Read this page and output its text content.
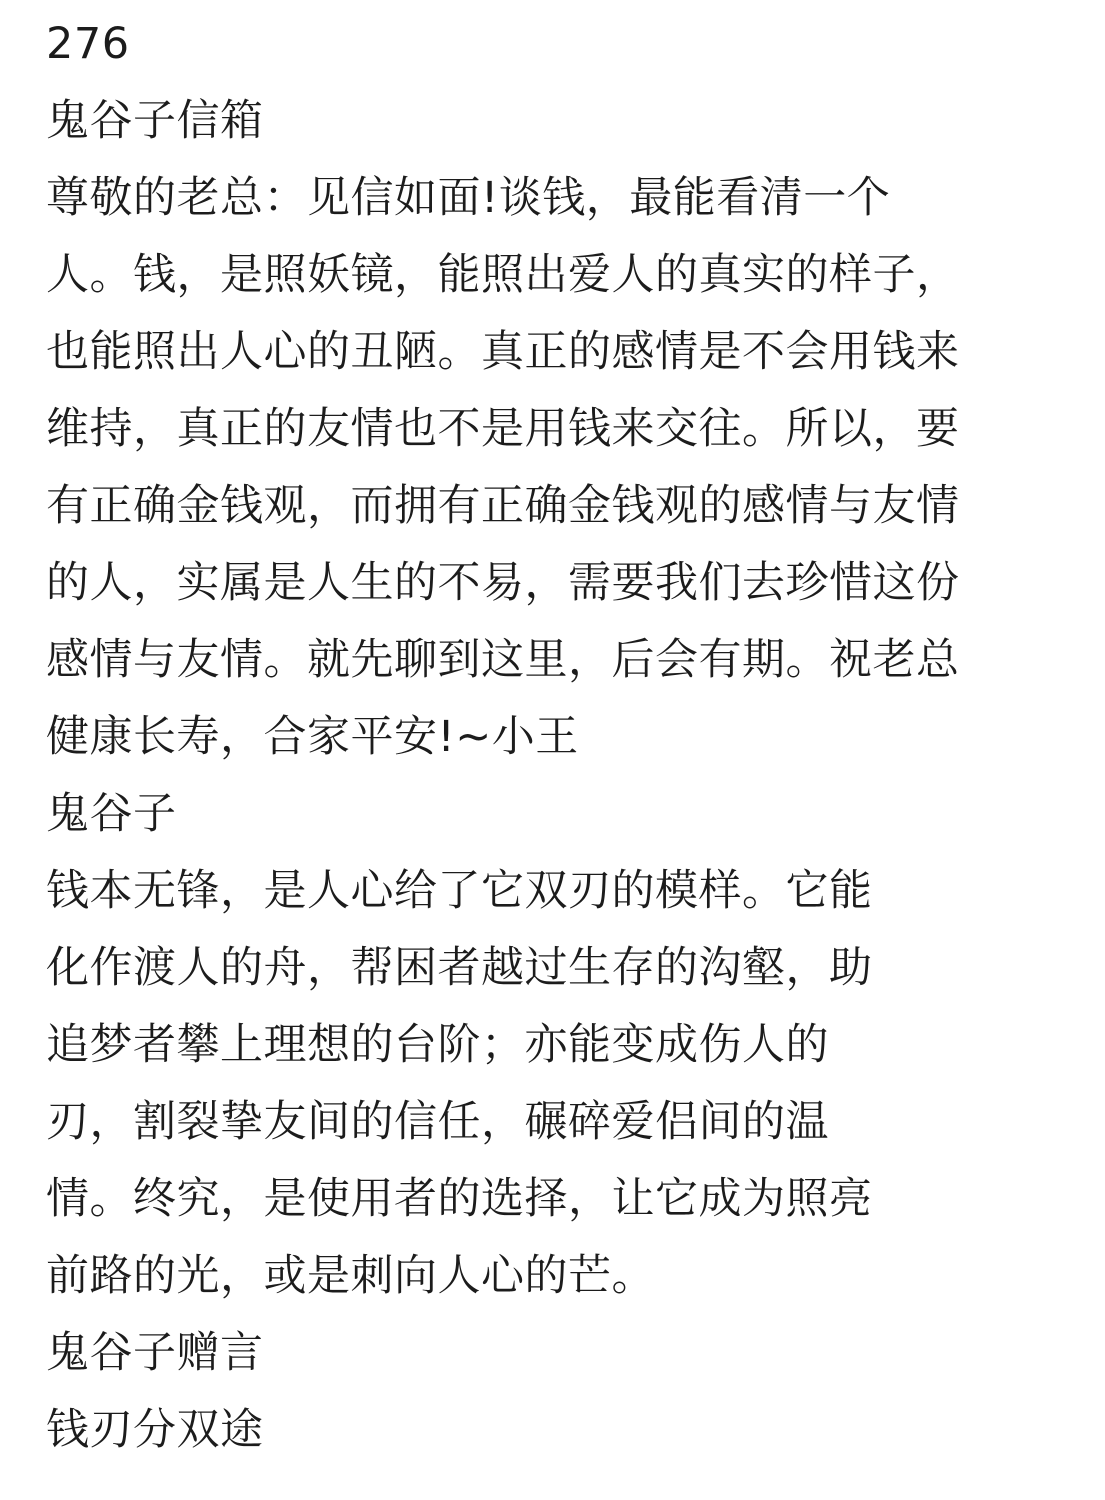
276
鬼谷子信箱
尊敬的老总：见信如面!谈钱，最能看清一个
人。钱，是照妖镜，能照出爱人的真实的样子，
也能照出人心的丑陋。真正的感情是不会用钱来
维持，真正的友情也不是用钱来交往。所以，要
有正确金钱观，而拥有正确金钱观的感情与友情
的人，实属是人生的不易，需要我们去珍惜这份
感情与友情。就先聊到这里，后会有期。祝老总
健康长寿，合家平安!~小王
鬼谷子
钱本无锋，是人心给了它双刃的模样。它能
化作渡人的舟，帮困者越过生存的沟壑，助
追梦者攀上理想的台阶；亦能变成伤人的
刃，割裂挚友间的信任，碾碎爱侣间的温
情。终究，是使用者的选择，让它成为照亮
前路的光，或是刺向人心的芒。
鬼谷子赠言
钱刃分双途
